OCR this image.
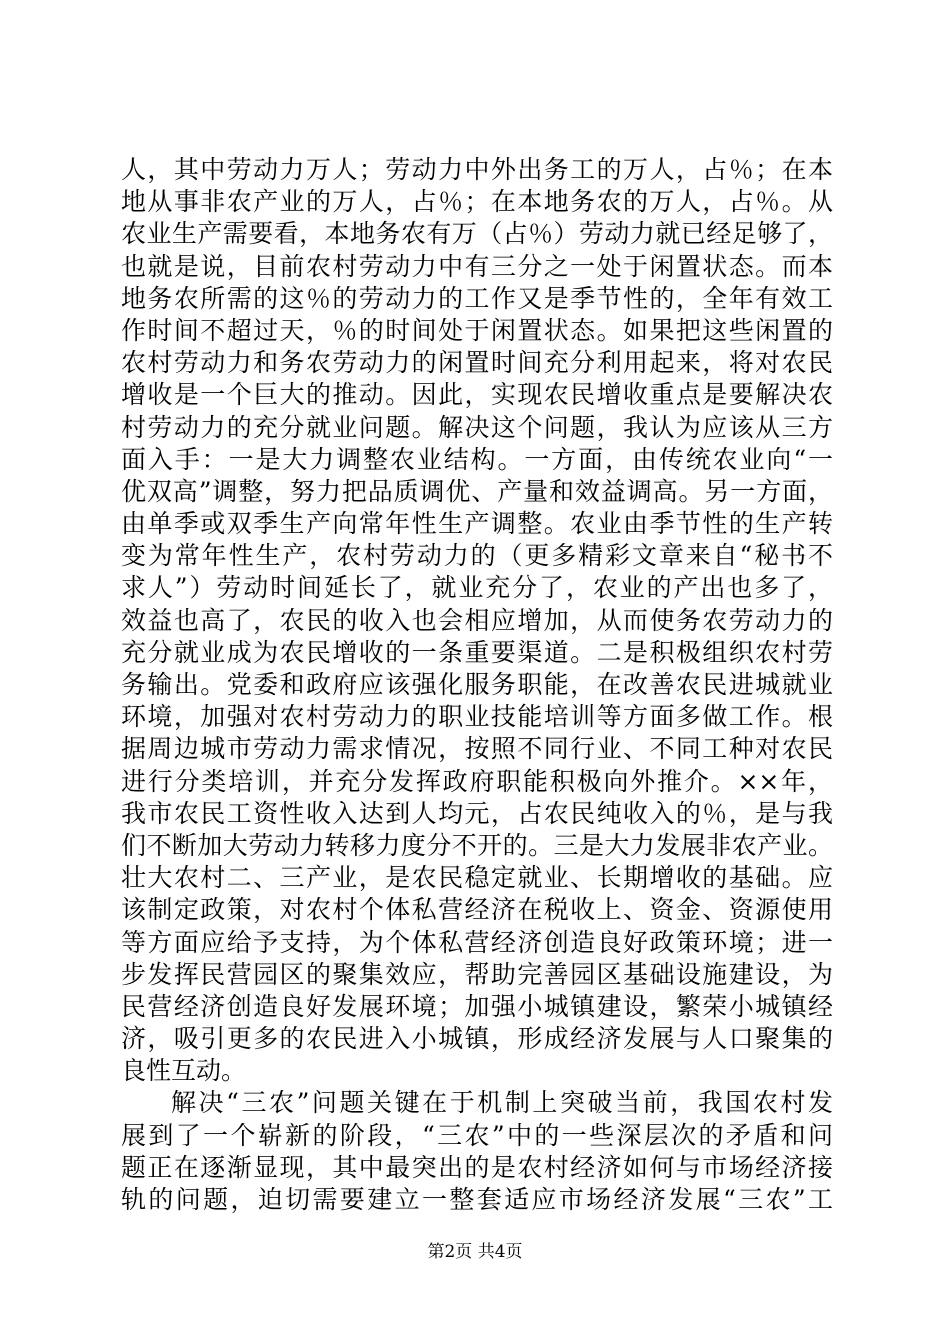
人，其中劳动力万人；劳动力中外出务工的万人，占％；在本
地从事非农产业的万人，占％；在本地务农的万人，占％。从
农业生产需要看，本地务农有万（占％）劳动力就已经足够了，
也就是说，目前农村劳动力中有三分之一处于闲置状态。而本
地务农所需的这％的劳动力的工作又是季节性的，全年有效工
作时间不超过天，％的时间处于闲置状态。如果把这些闲置的
农村劳动力和务农劳动力的闲置时间充分利用起来，将对农民
增收是一个巨大的推动。因此，实现农民增收重点是要解决农
村劳动力的充分就业问题。解决这个问题，我认为应该从三方
面入手：一是大力调整农业结构。一方面，由传统农业向“一
优双高”调整，努力把品质调优、产量和效益调高。另一方面，
由单季或双季生产向常年性生产调整。农业由季节性的生产转
变为常年性生产，农村劳动力的（更多精彩文章来自“秘书不
求人”）劳动时间延长了，就业充分了，农业的产出也多了，
效益也高了，农民的收入也会相应增加，从而使务农劳动力的
充分就业成为农民增收的一条重要渠道。二是积极组织农村劳
务输出。党委和政府应该强化服务职能，在改善农民进城就业
环境，加强对农村劳动力的职业技能培训等方面多做工作。根
据周边城市劳动力需求情况，按照不同行业、不同工种对农民
进行分类培训，并充分发挥政府职能积极向外推介。××年，
我市农民工资性收入达到人均元，占农民纯收入的％，是与我
们不断加大劳动力转移力度分不开的。三是大力发展非农产业。
壮大农村二、三产业，是农民稳定就业、长期增收的基础。应
该制定政策，对农村个体私营经济在税收上、资金、资源使用
等方面应给予支持，为个体私营经济创造良好政策环境；进一
步发挥民营园区的聚集效应，帮助完善园区基础设施建设，为
民营经济创造良好发展环境；加强小城镇建设，繁荣小城镇经
济，吸引更多的农民进入小城镇，形成经济发展与人口聚集的
良性互动。
解决“三农”问题关键在于机制上突破当前，我国农村发
展到了一个崭新的阶段，“三农”中的一些深层次的矛盾和问
题正在逐渐显现，其中最突出的是农村经济如何与市场经济接
轨的问题，迫切需要建立一整套适应市场经济发展“三农”工
第2页 共4页
